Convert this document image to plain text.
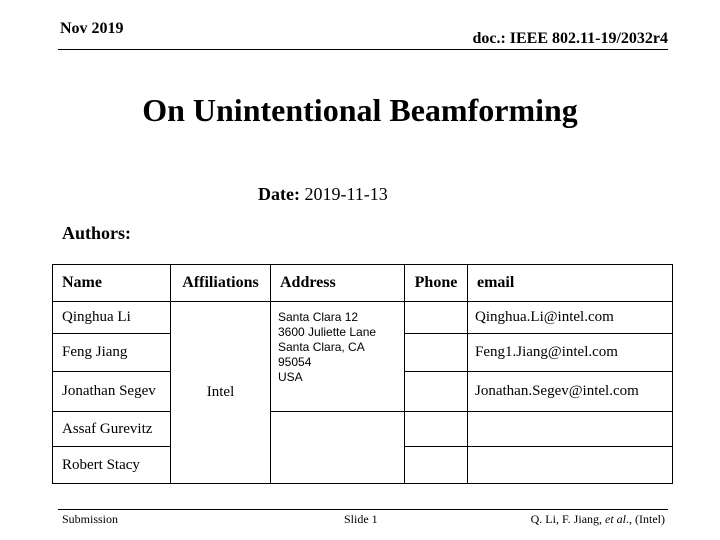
Nov 2019
doc.: IEEE 802.11-19/2032r4
On Unintentional Beamforming
Date: 2019-11-13
Authors:
Name	Affiliations	Address	Phone	email
Qinghua Li	Intel	Santa Clara 12
3600 Juliette Lane
Santa Clara, CA
95054
USA		Qinghua.Li@intel.com
Feng Jiang				Feng1.Jiang@intel.com
Jonathan Segev				Jonathan.Segev@intel.com
Assaf Gurevitz				
Robert Stacy				
Submission	Slide 1	Q. Li, F. Jiang, et al., (Intel)
